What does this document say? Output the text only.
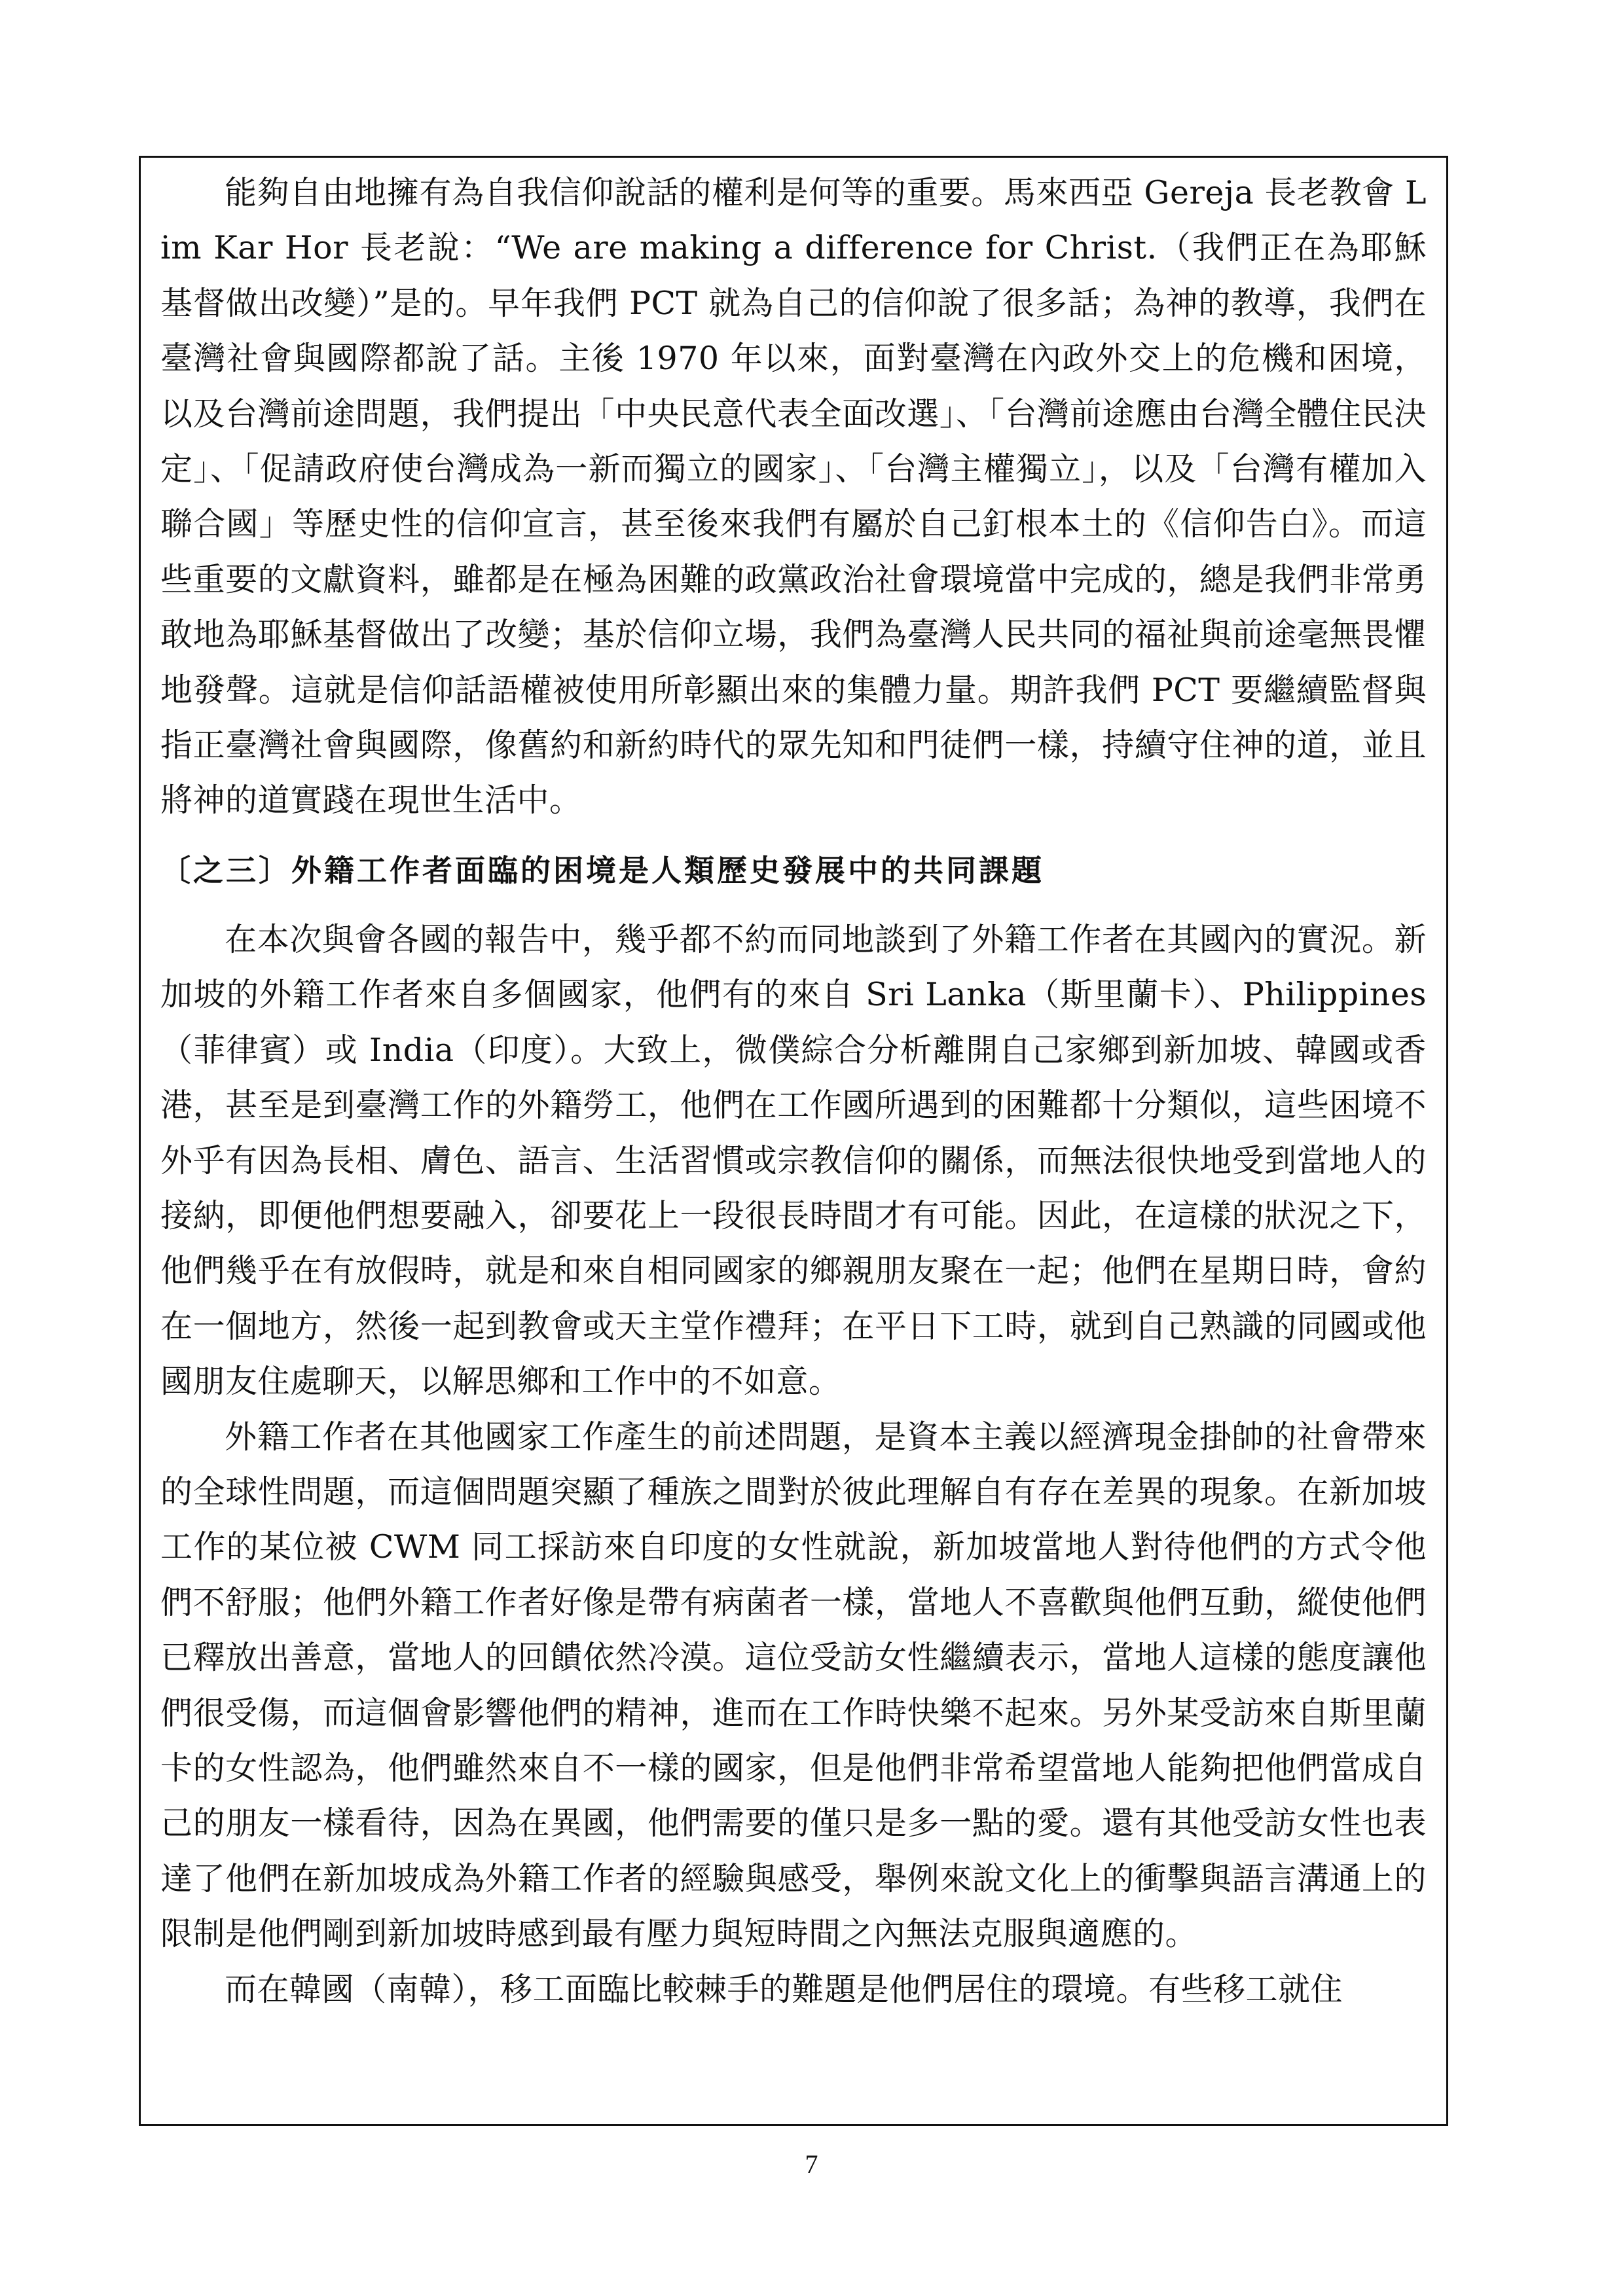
能夠自由地擁有為自我信仰說話的權利是何等的重要。馬來西亞 Gereja 長老教會 Lim Kar Hor 長老說：“We are making a difference for Christ.（我們正在為耶穌基督做出改變）”是的。早年我們 PCT 就為自己的信仰說了很多話；為神的教導，我們在臺灣社會與國際都說了話。主後 1970 年以來，面對臺灣在內政外交上的危機和困境，以及台灣前途問題，我們提出「中央民意代表全面改選」、「台灣前途應由台灣全體住民決定」、「促請政府使台灣成為一新而獨立的國家」、「台灣主權獨立」，以及「台灣有權加入聯合國」等歷史性的信仰宣言，甚至後來我們有屬於自己釘根本土的《信仰告白》。而這些重要的文獻資料，雖都是在極為困難的政黨政治社會環境當中完成的，總是我們非常勇敢地為耶穌基督做出了改變；基於信仰立場，我們為臺灣人民共同的福祉與前途毫無畏懼地發聲。這就是信仰話語權被使用所彰顯出來的集體力量。期許我們 PCT 要繼續監督與指正臺灣社會與國際，像舊約和新約時代的眾先知和門徒們一樣，持續守住神的道，並且將神的道實踐在現世生活中。

〔之三〕外籍工作者面臨的困境是人類歷史發展中的共同課題

在本次與會各國的報告中，幾乎都不約而同地談到了外籍工作者在其國內的實況。新加坡的外籍工作者來自多個國家，他們有的來自 Sri Lanka（斯里蘭卡）、Philippines（菲律賓）或 India（印度）。大致上，微僕綜合分析離開自己家鄉到新加坡、韓國或香港，甚至是到臺灣工作的外籍勞工，他們在工作國所遇到的困難都十分類似，這些困境不外乎有因為長相、膚色、語言、生活習慣或宗教信仰的關係，而無法很快地受到當地人的接納，即便他們想要融入，卻要花上一段很長時間才有可能。因此，在這樣的狀況之下，他們幾乎在有放假時，就是和來自相同國家的鄉親朋友聚在一起；他們在星期日時，會約在一個地方，然後一起到教會或天主堂作禮拜；在平日下工時，就到自己熟識的同國或他國朋友住處聊天，以解思鄉和工作中的不如意。

外籍工作者在其他國家工作產生的前述問題，是資本主義以經濟現金掛帥的社會帶來的全球性問題，而這個問題突顯了種族之間對於彼此理解自有存在差異的現象。在新加坡工作的某位被 CWM 同工採訪來自印度的女性就說，新加坡當地人對待他們的方式令他們不舒服；他們外籍工作者好像是帶有病菌者一樣，當地人不喜歡與他們互動，縱使他們已釋放出善意，當地人的回饋依然冷漠。這位受訪女性繼續表示，當地人這樣的態度讓他們很受傷，而這個會影響他們的精神，進而在工作時快樂不起來。另外某受訪來自斯里蘭卡的女性認為，他們雖然來自不一樣的國家，但是他們非常希望當地人能夠把他們當成自己的朋友一樣看待，因為在異國，他們需要的僅只是多一點的愛。還有其他受訪女性也表達了他們在新加坡成為外籍工作者的經驗與感受，舉例來說文化上的衝擊與語言溝通上的限制是他們剛到新加坡時感到最有壓力與短時間之內無法克服與適應的。

而在韓國（南韓），移工面臨比較棘手的難題是他們居住的環境。有些移工就住

7
